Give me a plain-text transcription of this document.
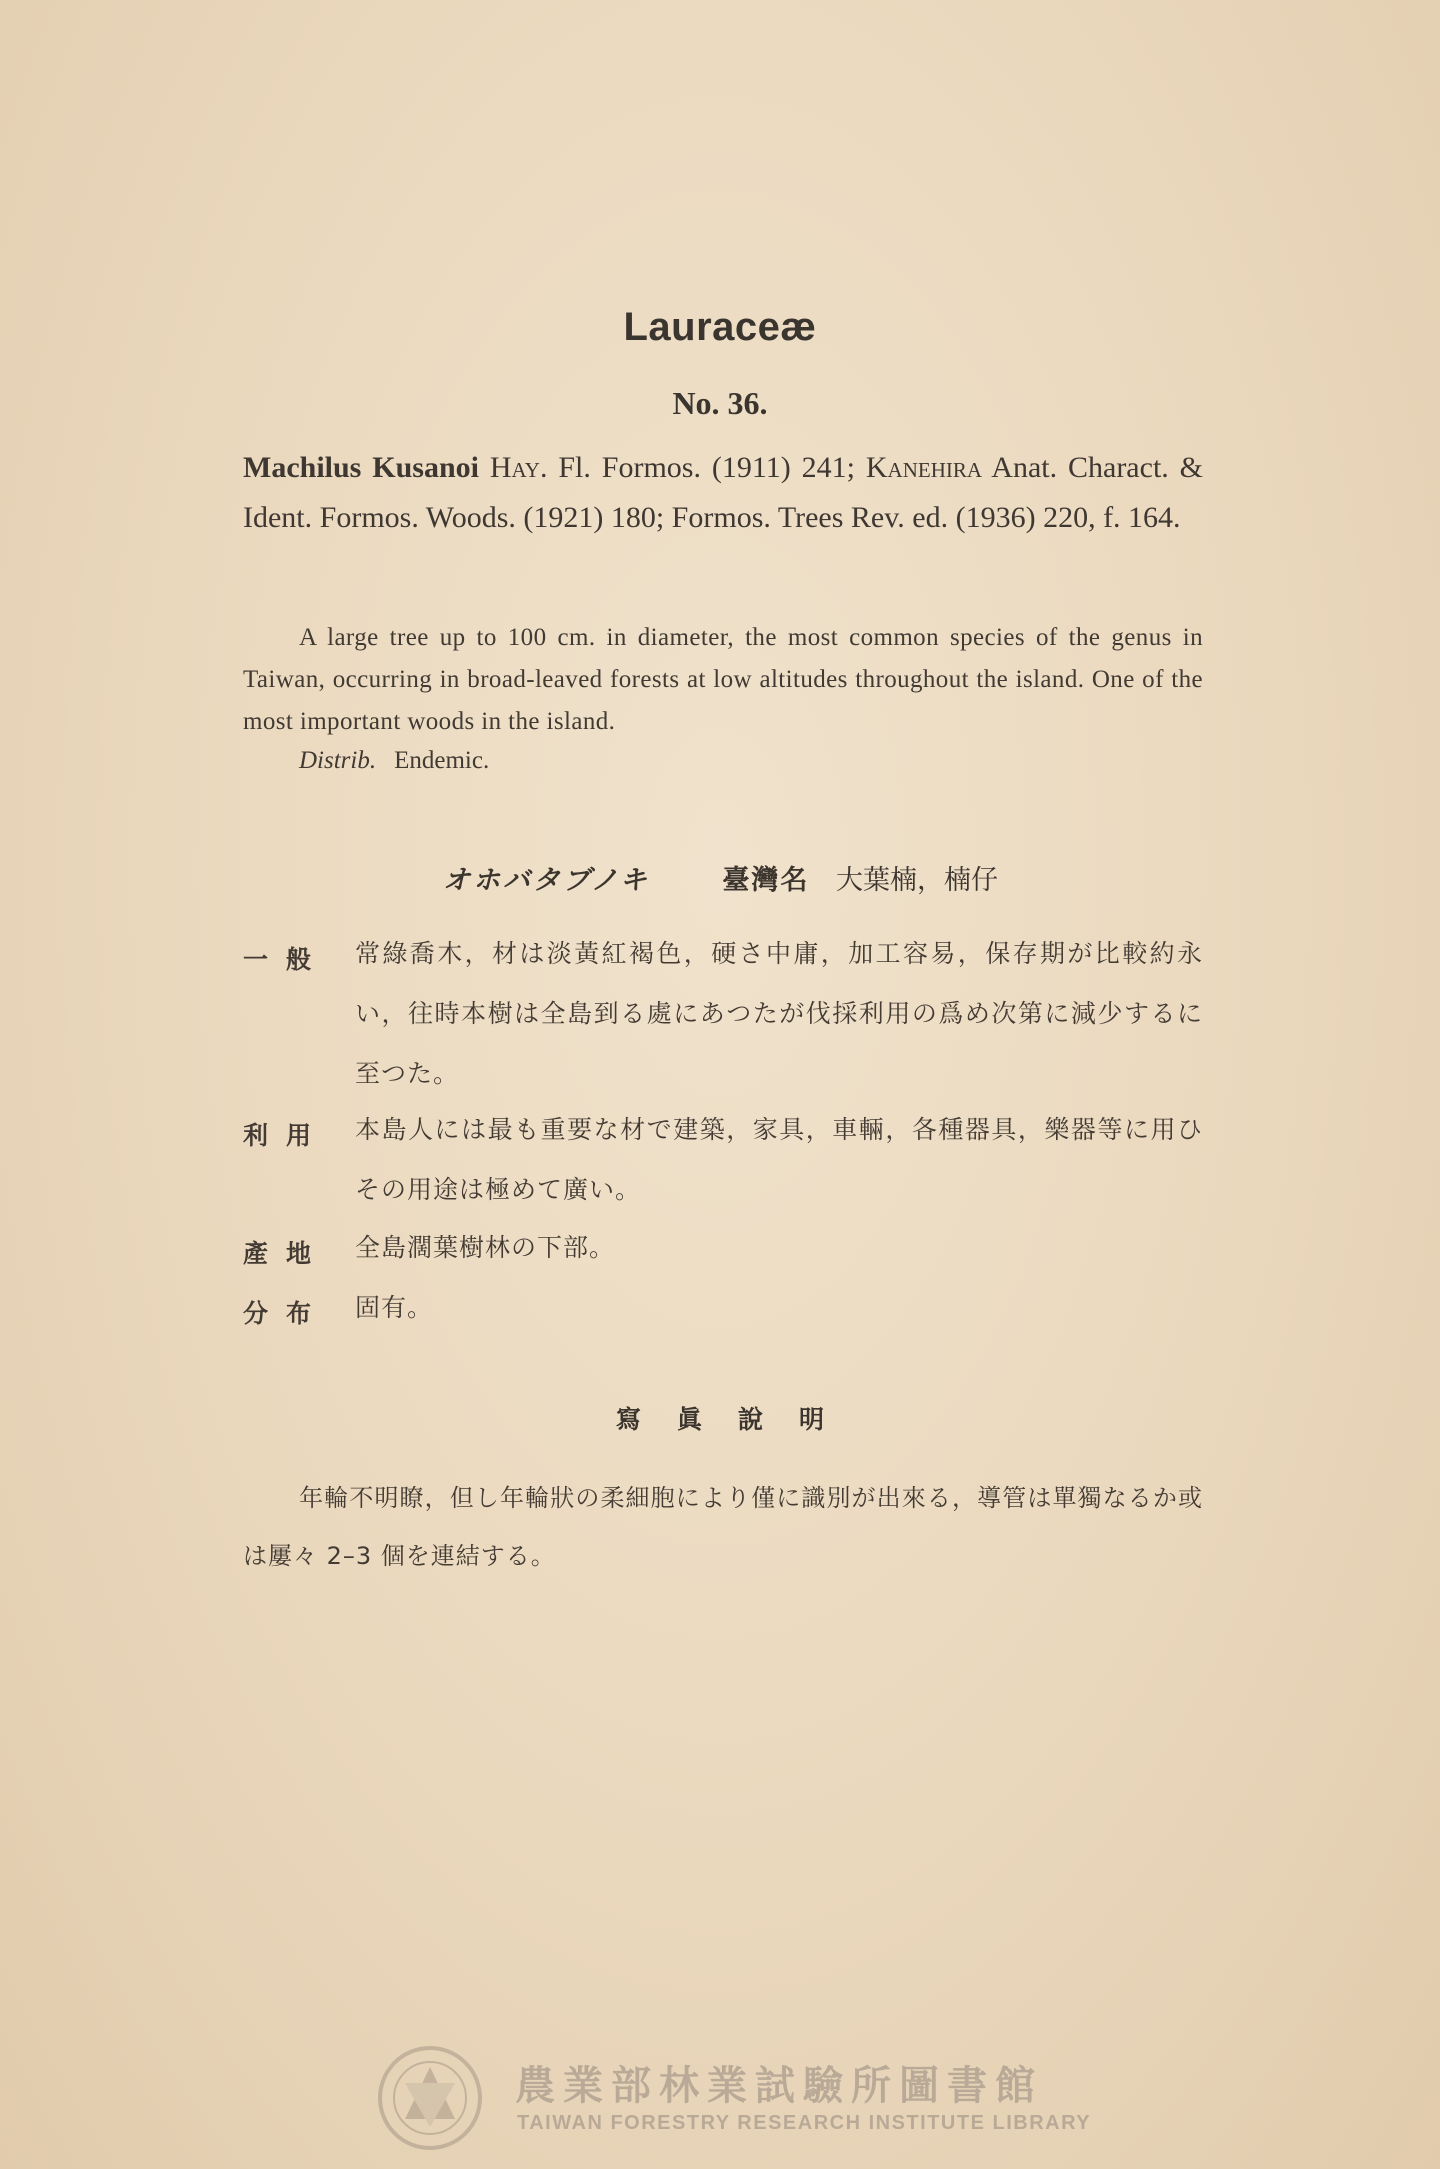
Lauraceæ
No. 36.

Machilus Kusanoi Hay. Fl. Formos. (1911) 241; Kanehira Anat. Charact. & Ident. Formos. Woods. (1921) 180; Formos. Trees Rev. ed. (1936) 220, f. 164.

A large tree up to 100 cm. in diameter, the most common species of the genus in Taiwan, occurring in broad-leaved forests at low altitudes throughout the island. One of the most important woods in the island.

Distrib. Endemic.
オホバタブノキ	臺灣名 大葉楠，楠仔
一般 常綠喬木，材は淡黃紅褐色，硬さ中庸，加工容易，保存期が比較約永い，往時本樹は全島到る處にあつたが伐採利用の爲め次第に減少するに至つた。
利用 本島人には最も重要な材で建築，家具，車輛，各種器具，樂器等に用ひその用途は極めて廣い。
產地 全島濶葉樹林の下部。
分布 固有。
寫眞說明

年輪不明瞭，但し年輪狀の柔細胞により僅に識別が出來る，導管は單獨なるか或は屢々 2–3 個を連結する。

農業部林業試驗所圖書館
TAIWAN FORESTRY RESEARCH INSTITUTE LIBRARY
